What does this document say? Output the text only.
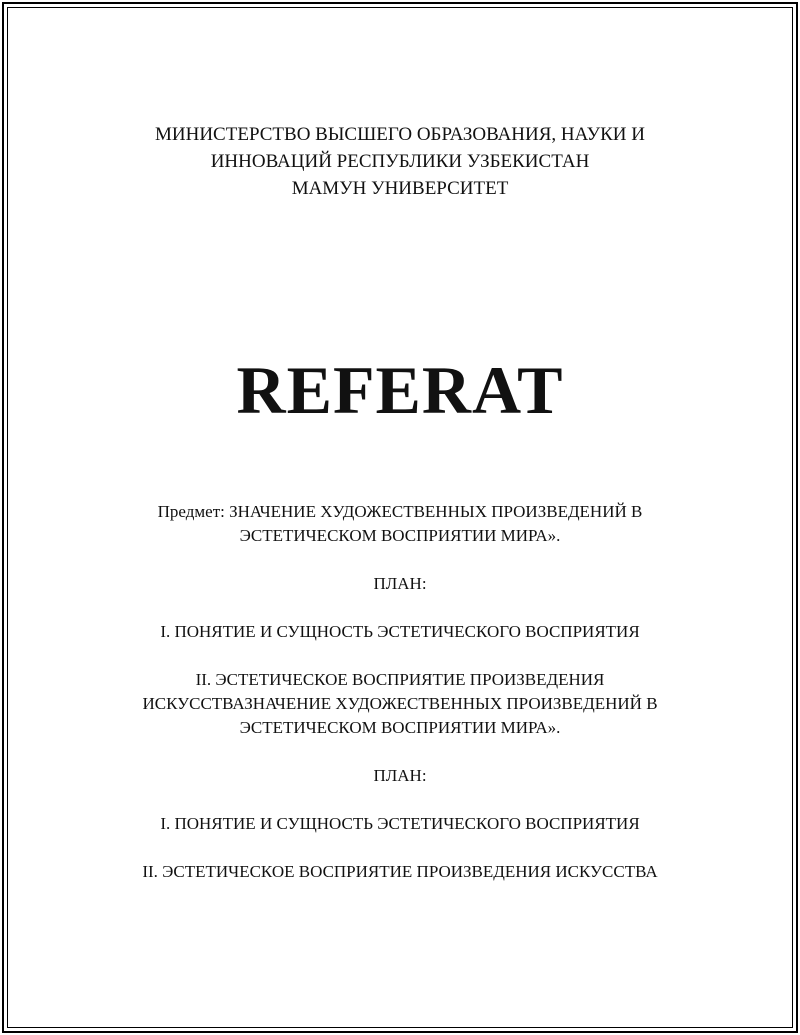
МИНИСТЕРСТВО ВЫСШЕГО ОБРАЗОВАНИЯ, НАУКИ И
ИННОВАЦИЙ РЕСПУБЛИКИ УЗБЕКИСТАН
МАМУН УНИВЕРСИТЕТ
REFERAT

Предмет: ЗНАЧЕНИЕ ХУДОЖЕСТВЕННЫХ ПРОИЗВЕДЕНИЙ В
ЭСТЕТИЧЕСКОМ ВОСПРИЯТИИ МИРА».

ПЛАН:

I. ПОНЯТИЕ И СУЩНОСТЬ ЭСТЕТИЧЕСКОГО ВОСПРИЯТИЯ

II. ЭСТЕТИЧЕСКОЕ ВОСПРИЯТИЕ ПРОИЗВЕДЕНИЯ
ИСКУССТВАЗНАЧЕНИЕ ХУДОЖЕСТВЕННЫХ ПРОИЗВЕДЕНИЙ В
ЭСТЕТИЧЕСКОМ ВОСПРИЯТИИ МИРА».

ПЛАН:

I. ПОНЯТИЕ И СУЩНОСТЬ ЭСТЕТИЧЕСКОГО ВОСПРИЯТИЯ

II. ЭСТЕТИЧЕСКОЕ ВОСПРИЯТИЕ ПРОИЗВЕДЕНИЯ ИСКУССТВА
